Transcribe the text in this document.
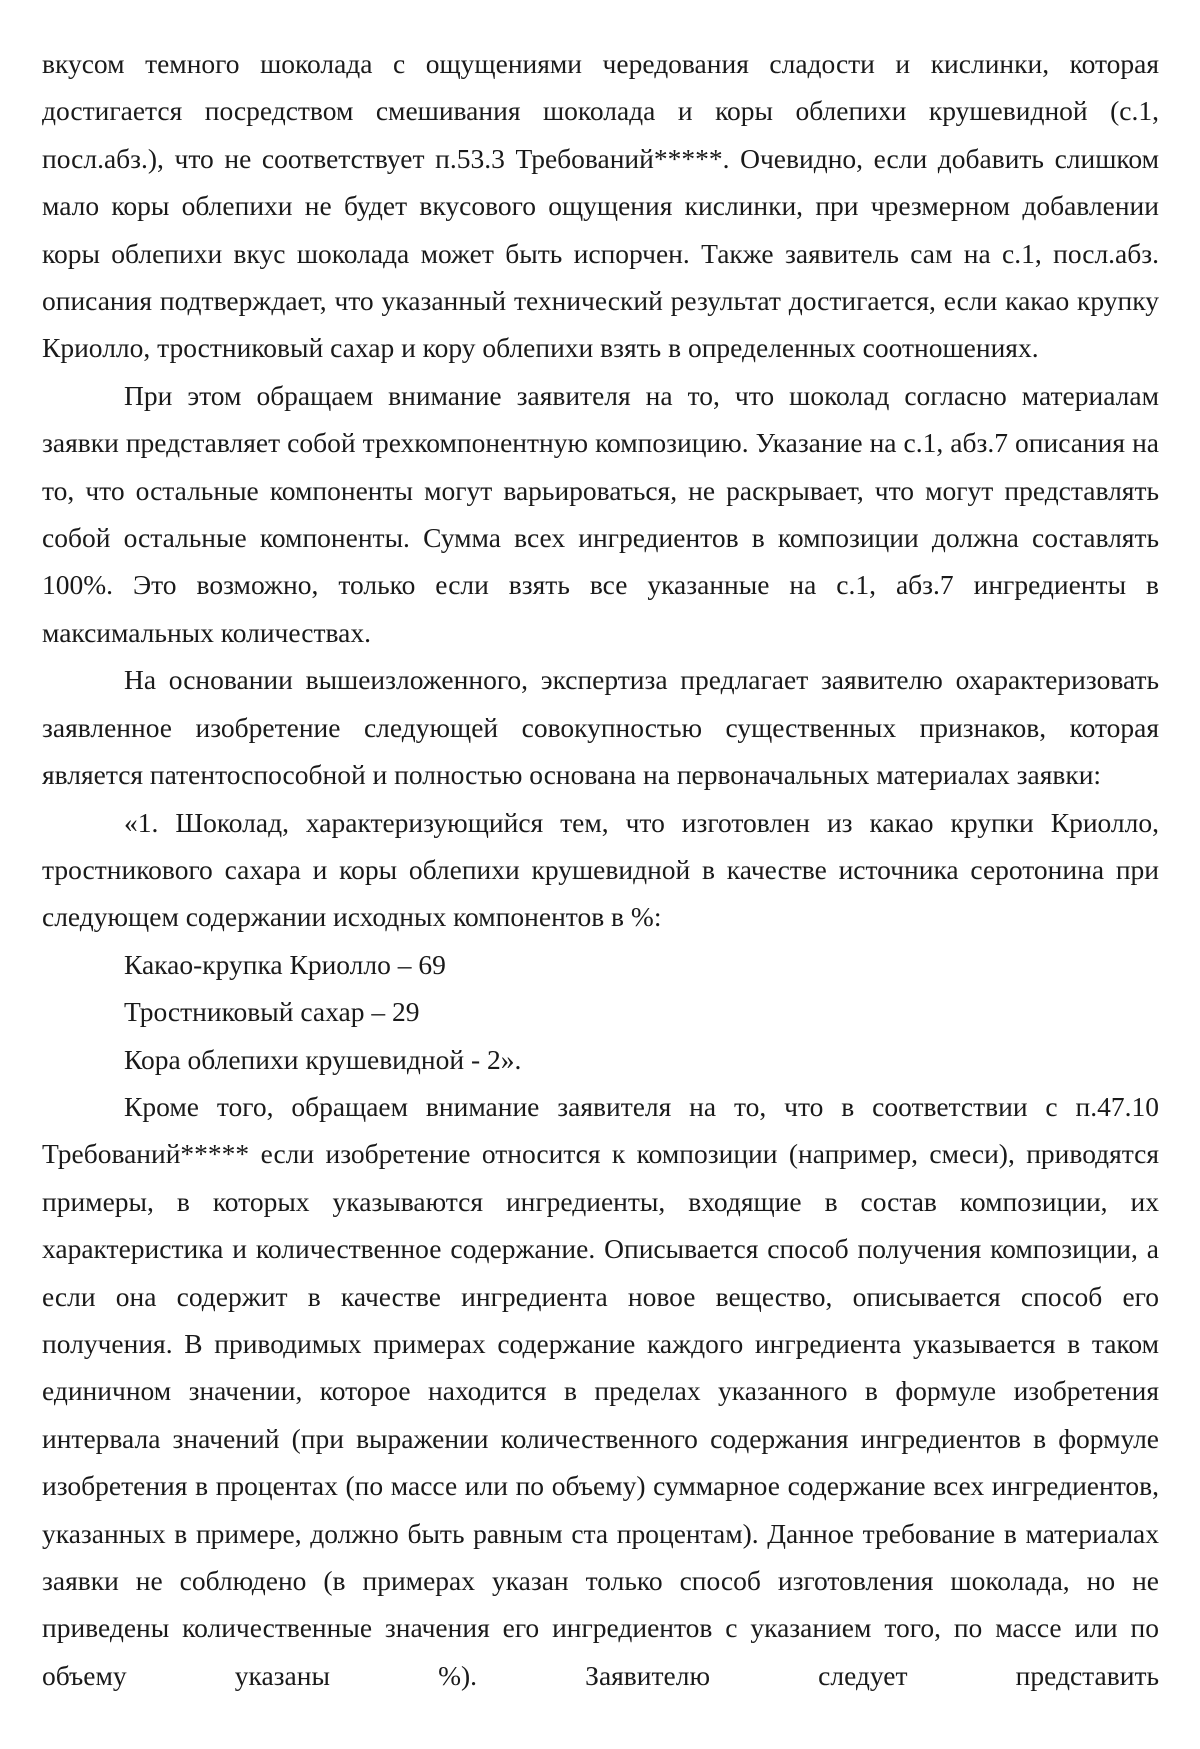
вкусом темного шоколада с ощущениями чередования сладости и кислинки, которая достигается посредством смешивания шоколада и коры облепихи крушевидной (с.1, посл.абз.), что не соответствует п.53.3 Требований*****. Очевидно, если добавить слишком мало коры облепихи не будет вкусового ощущения кислинки, при чрезмерном добавлении коры облепихи вкус шоколада может быть испорчен. Также заявитель сам на с.1, посл.абз. описания подтверждает, что указанный технический результат достигается, если какао крупку Криолло, тростниковый сахар и кору облепихи взять в определенных соотношениях.

При этом обращаем внимание заявителя на то, что шоколад согласно материалам заявки представляет собой трехкомпонентную композицию. Указание на с.1, абз.7 описания на то, что остальные компоненты могут варьироваться, не раскрывает, что могут представлять собой остальные компоненты. Сумма всех ингредиентов в композиции должна составлять 100%. Это возможно, только если взять все указанные на с.1, абз.7 ингредиенты в максимальных количествах.

На основании вышеизложенного, экспертиза предлагает заявителю охарактеризовать заявленное изобретение следующей совокупностью существенных признаков, которая является патентоспособной и полностью основана на первоначальных материалах заявки:

«1. Шоколад, характеризующийся тем, что изготовлен из какао крупки Криолло, тростникового сахара и коры облепихи крушевидной в качестве источника серотонина при следующем содержании исходных компонентов в %:

Какао-крупка Криолло – 69

Тростниковый сахар – 29

Кора облепихи крушевидной - 2».

Кроме того, обращаем внимание заявителя на то, что в соответствии с п.47.10 Требований***** если изобретение относится к композиции (например, смеси), приводятся примеры, в которых указываются ингредиенты, входящие в состав композиции, их характеристика и количественное содержание. Описывается способ получения композиции, а если она содержит в качестве ингредиента новое вещество, описывается способ его получения. В приводимых примерах содержание каждого ингредиента указывается в таком единичном значении, которое находится в пределах указанного в формуле изобретения интервала значений (при выражении количественного содержания ингредиентов в формуле изобретения в процентах (по массе или по объему) суммарное содержание всех ингредиентов, указанных в примере, должно быть равным ста процентам). Данное требование в материалах заявки не соблюдено (в примерах указан только способ изготовления шоколада, но не приведены количественные значения его ингредиентов с указанием того, по массе или по объему указаны %). Заявителю следует представить
